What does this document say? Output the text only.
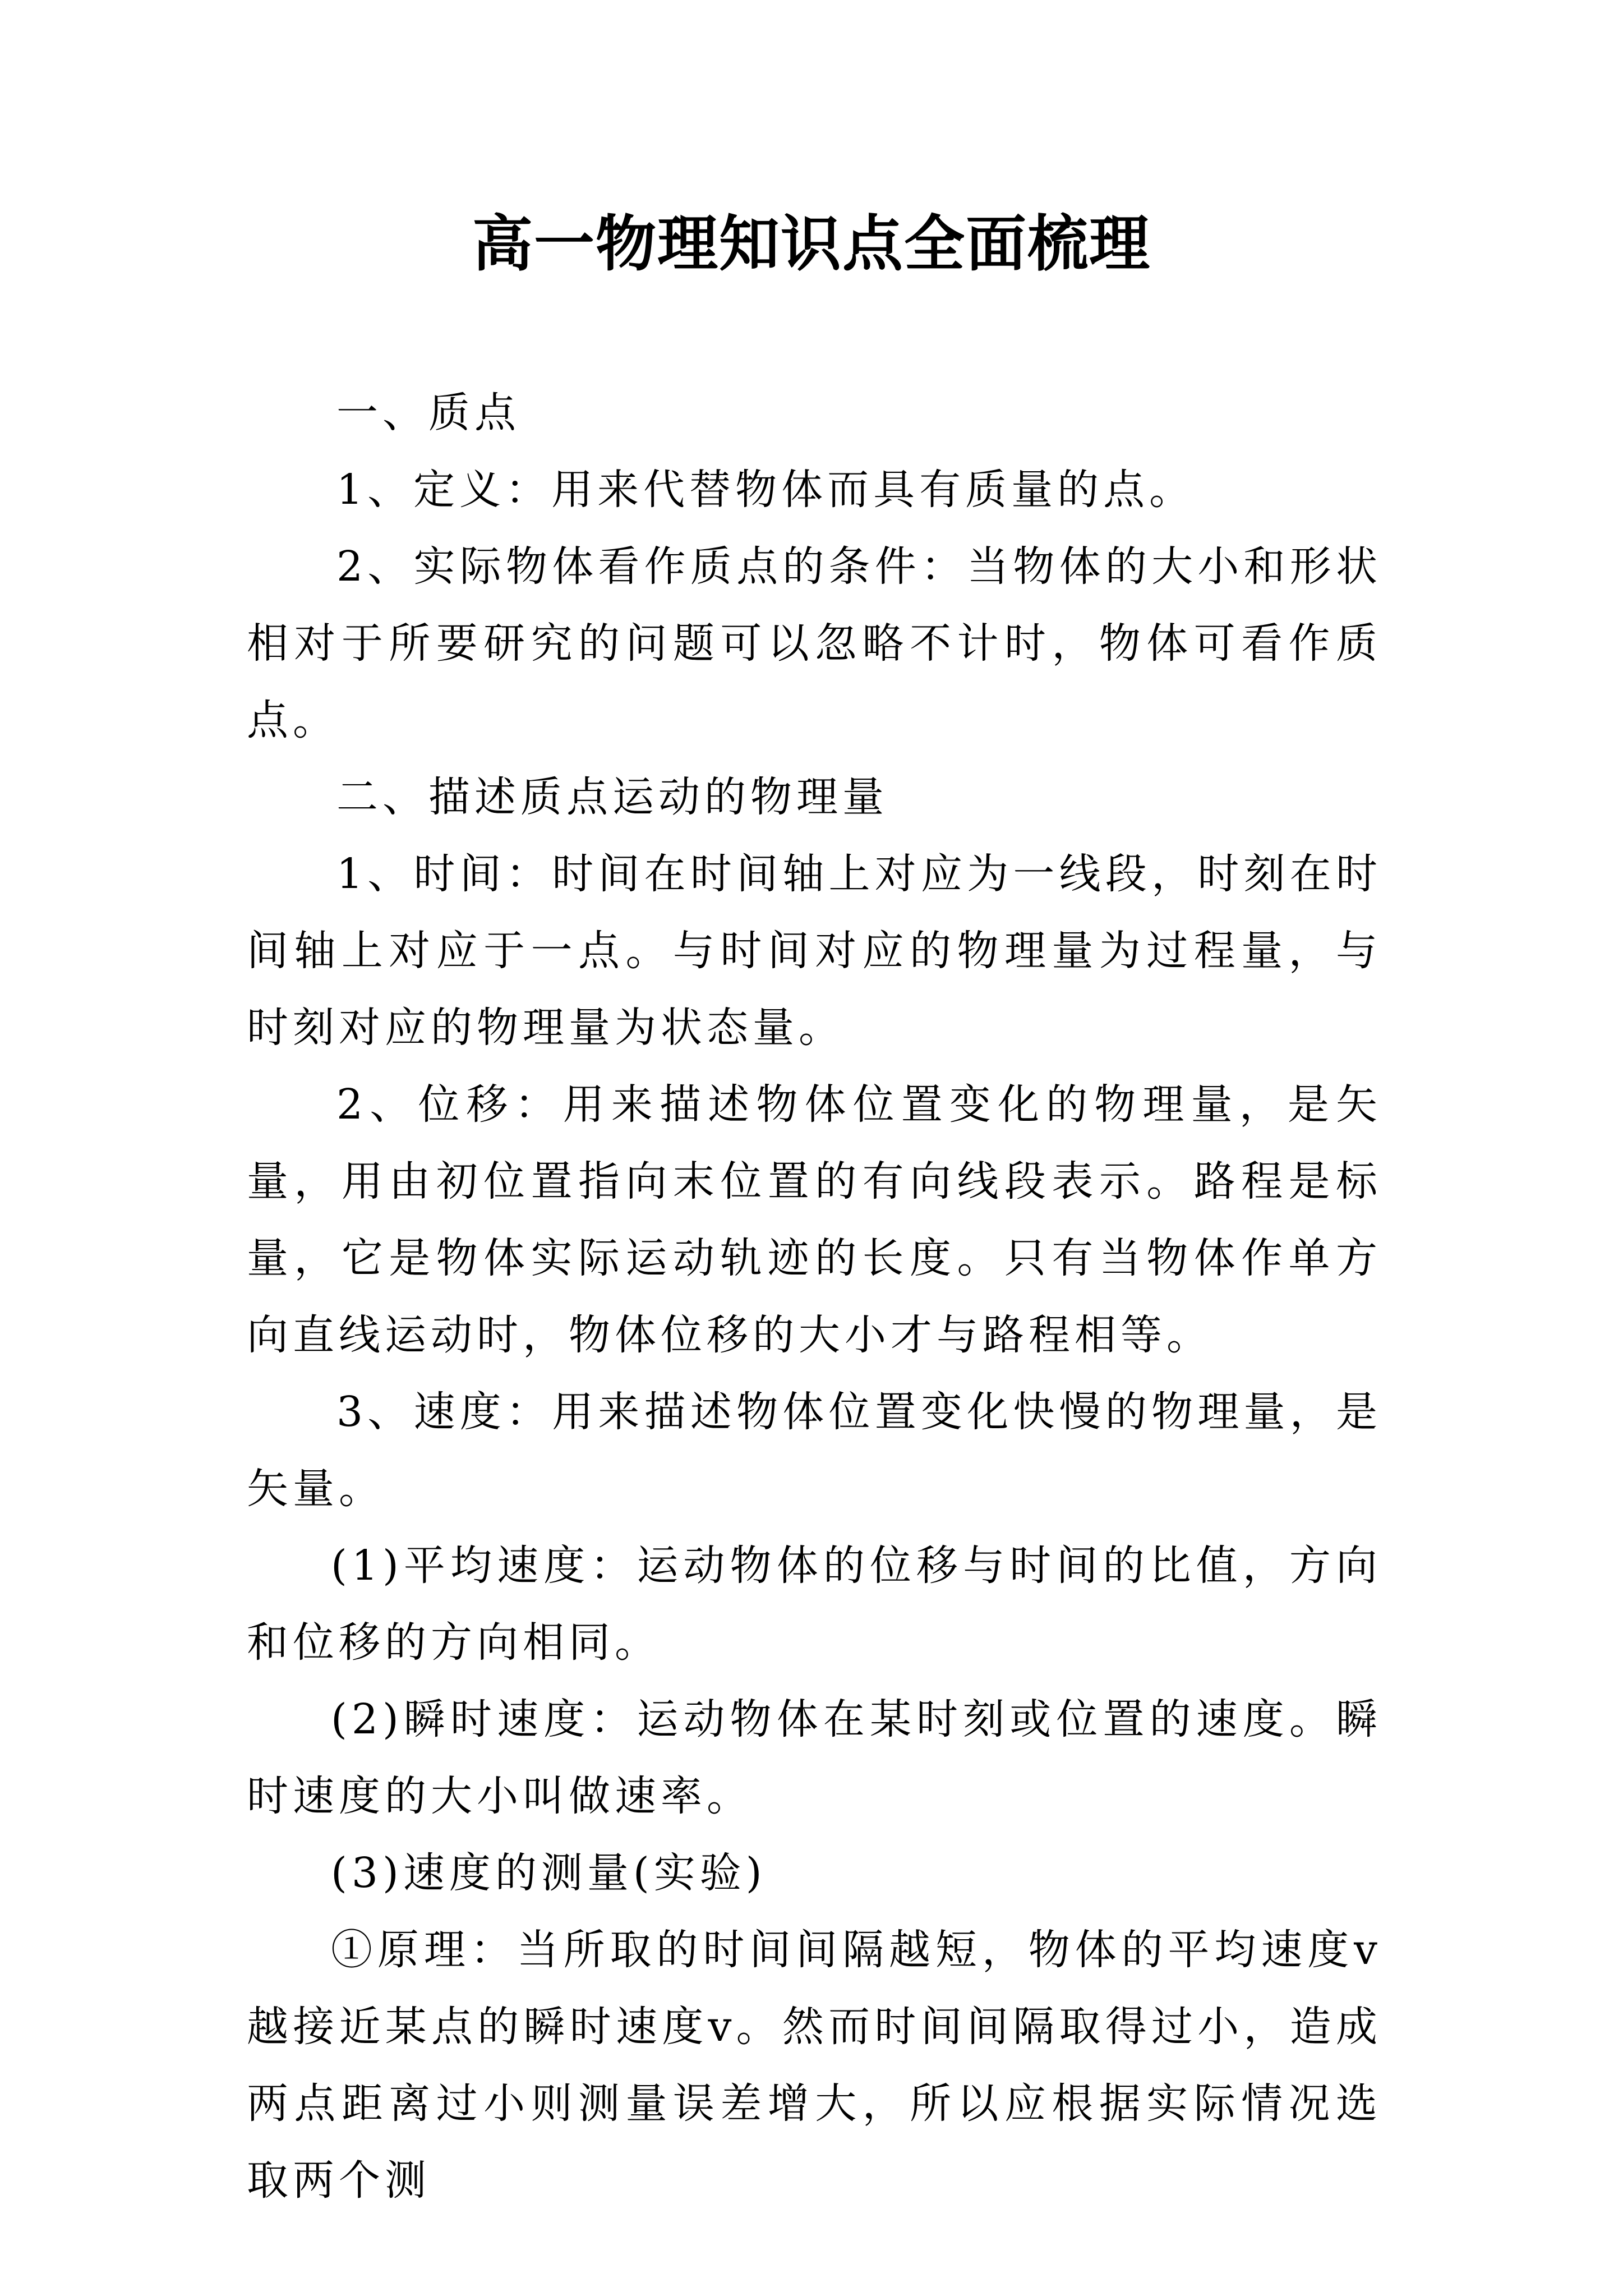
高一物理知识点全面梳理

一、质点

1、定义：用来代替物体而具有质量的点。

2、实际物体看作质点的条件：当物体的大小和形状相对于所要研究的问题可以忽略不计时，物体可看作质点。

二、描述质点运动的物理量

1、时间：时间在时间轴上对应为一线段，时刻在时间轴上对应于一点。与时间对应的物理量为过程量，与时刻对应的物理量为状态量。

2、位移：用来描述物体位置变化的物理量，是矢量，用由初位置指向末位置的有向线段表示。路程是标量，它是物体实际运动轨迹的长度。只有当物体作单方向直线运动时，物体位移的大小才与路程相等。

3、速度：用来描述物体位置变化快慢的物理量，是矢量。

(1)平均速度：运动物体的位移与时间的比值，方向和位移的方向相同。

(2)瞬时速度：运动物体在某时刻或位置的速度。瞬时速度的大小叫做速率。

(3)速度的测量(实验)

①原理：当所取的时间间隔越短，物体的平均速度v越接近某点的瞬时速度v。然而时间间隔取得过小，造成两点距离过小则测量误差增大，所以应根据实际情况选取两个测
